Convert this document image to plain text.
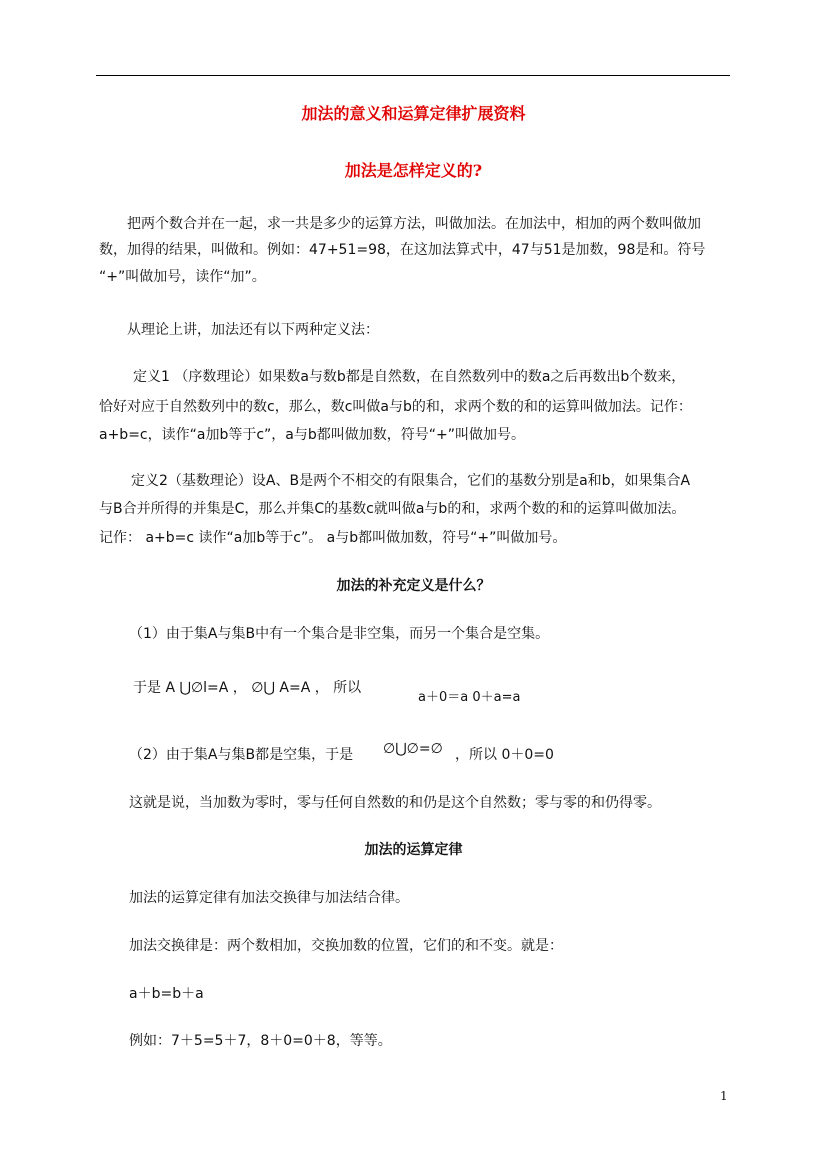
加法的意义和运算定律扩展资料
加法是怎样定义的?
把两个数合并在一起，求一共是多少的运算方法，叫做加法。在加法中，相加的两个数叫做加
数，加得的结果，叫做和。例如：47+51=98，在这加法算式中，47与51是加数，98是和。符号
“+”叫做加号，读作“加”。
从理论上讲，加法还有以下两种定义法：
定义1 （序数理论）如果数a与数b都是自然数，在自然数列中的数a之后再数出b个数来，
恰好对应于自然数列中的数c，那么，数c叫做a与b的和，求两个数的和的运算叫做加法。记作：
a+b=c，读作“a加b等于c”，a与b都叫做加数，符号“+”叫做加号。
定义2（基数理论）设A、B是两个不相交的有限集合，它们的基数分别是a和b，如果集合A
与B合并所得的并集是C，那么并集C的基数c就叫做a与b的和，求两个数的和的运算叫做加法。
记作： a+b=c 读作“a加b等于c”。 a与b都叫做加数，符号“+”叫做加号。
加法的补充定义是什么？
（1）由于集A与集B中有一个集合是非空集，而另一个集合是空集。
于是 A ⋃∅l=A ， ∅⋃ A=A ， 所以
a＋0＝a 0＋a=a
（2）由于集A与集B都是空集，于是 ∅⋃∅=∅ ，所以 0＋0=0
这就是说，当加数为零时，零与任何自然数的和仍是这个自然数；零与零的和仍得零。
加法的运算定律
加法的运算定律有加法交换律与加法结合律。
加法交换律是：两个数相加，交换加数的位置，它们的和不变。就是：
a＋b=b＋a
例如：7＋5=5＋7，8＋0=0＋8，等等。
1
